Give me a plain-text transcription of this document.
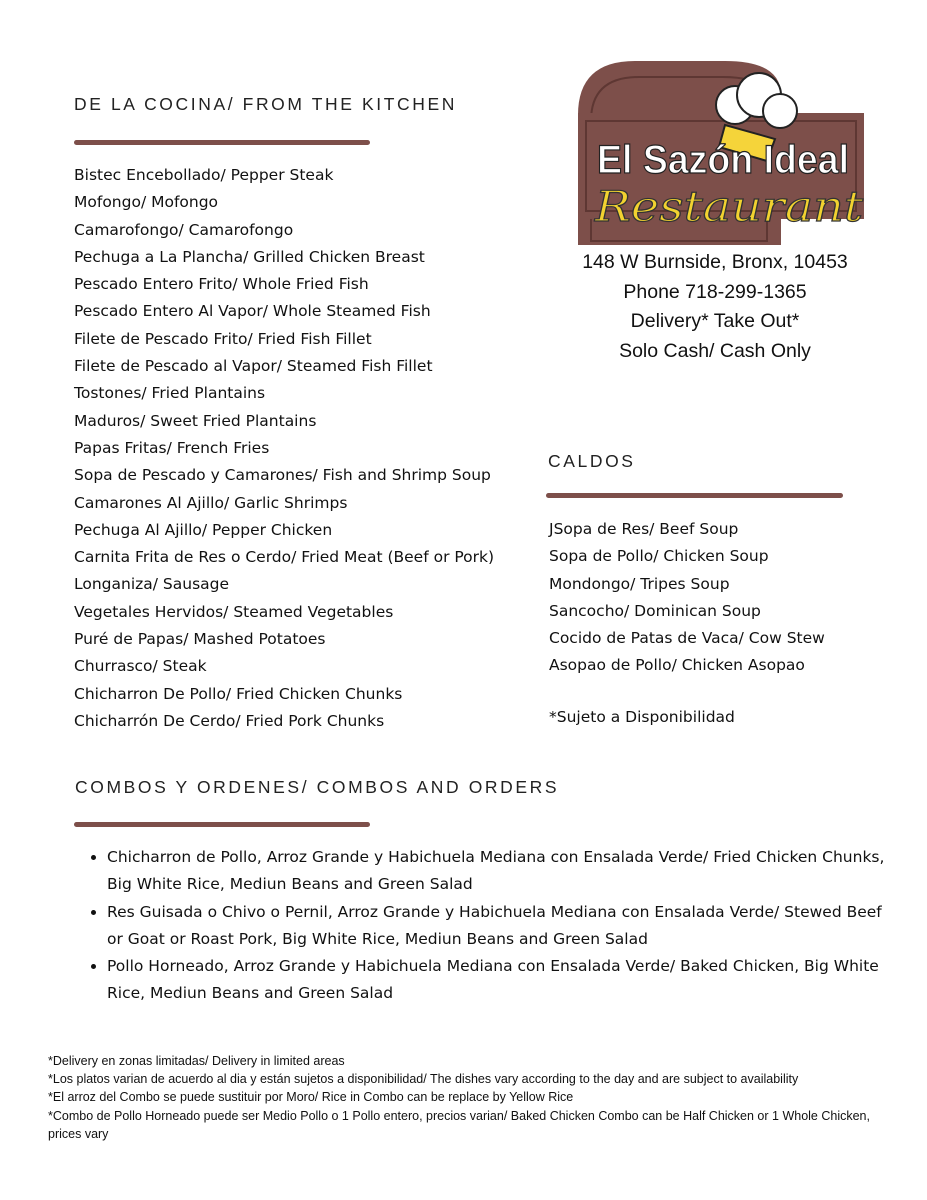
DE LA COCINA/ FROM THE KITCHEN
Bistec Encebollado/ Pepper Steak
Mofongo/ Mofongo
Camarofongo/ Camarofongo
Pechuga a La Plancha/ Grilled Chicken Breast
Pescado Entero Frito/ Whole Fried Fish
Pescado Entero Al Vapor/ Whole Steamed Fish
Filete de Pescado Frito/ Fried Fish Fillet
Filete de Pescado al Vapor/ Steamed Fish Fillet
Tostones/ Fried Plantains
Maduros/ Sweet Fried Plantains
Papas Fritas/ French Fries
Sopa de Pescado y Camarones/ Fish and Shrimp Soup
Camarones Al Ajillo/ Garlic Shrimps
Pechuga Al Ajillo/ Pepper Chicken
Carnita Frita de Res o Cerdo/ Fried Meat (Beef or Pork)
Longaniza/ Sausage
Vegetales Hervidos/ Steamed Vegetables
Puré de Papas/ Mashed Potatoes
Churrasco/ Steak
Chicharron De Pollo/ Fried Chicken Chunks
Chicharrón De Cerdo/ Fried Pork Chunks
El Sazón Ideal
Restaurant
148 W Burnside, Bronx, 10453
Phone 718-299-1365
Delivery* Take Out*
Solo Cash/ Cash Only
CALDOS
JSopa de Res/ Beef Soup
Sopa de Pollo/ Chicken Soup
Mondongo/ Tripes Soup
Sancocho/ Dominican Soup
Cocido de Patas de Vaca/ Cow Stew
Asopao de Pollo/ Chicken Asopao
*Sujeto a Disponibilidad
COMBOS Y ORDENES/ COMBOS AND ORDERS
• Chicharron de Pollo, Arroz Grande y Habichuela Mediana con Ensalada Verde/ Fried Chicken Chunks, Big White Rice, Mediun Beans and Green Salad
• Res Guisada o Chivo o Pernil, Arroz Grande y Habichuela Mediana con Ensalada Verde/ Stewed Beef or Goat or Roast Pork, Big White Rice, Mediun Beans and Green Salad
• Pollo Horneado, Arroz Grande y Habichuela Mediana con Ensalada Verde/ Baked Chicken, Big White Rice, Mediun Beans and Green Salad
*Delivery en zonas limitadas/ Delivery in limited areas
*Los platos varian de acuerdo al dia y están sujetos a disponibilidad/ The dishes vary according to the day and are subject to availability
*El arroz del Combo se puede sustituir por Moro/ Rice in Combo can be replace by Yellow Rice
*Combo de Pollo Horneado puede ser Medio Pollo o 1 Pollo entero, precios varian/ Baked Chicken Combo can be Half Chicken or 1 Whole Chicken, prices vary
